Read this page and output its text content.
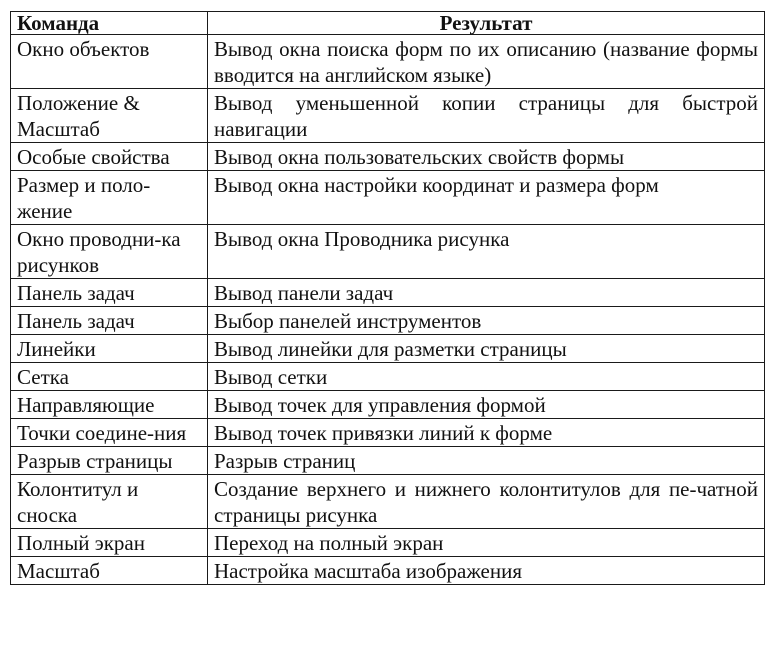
Команда	Результат
Окно объектов	Вывод окна поиска форм по их описанию (название формы вводится на английском языке)
Положение & Масштаб	Вывод уменьшенной копии страницы для быстрой навигации
Особые свойства	Вывод окна пользовательских свойств формы
Размер и поло-жение	Вывод окна настройки координат и размера форм
Окно проводни-ка рисунков	Вывод окна Проводника рисунка
Панель задач	Вывод панели задач
Панель задач	Выбор панелей инструментов
Линейки	Вывод линейки для разметки страницы
Сетка	Вывод сетки
Направляющие	Вывод точек для управления формой
Точки соедине-ния	Вывод точек привязки линий к форме
Разрыв страницы	Разрыв страниц
Колонтитул и сноска	Создание верхнего и нижнего колонтитулов для пе-чатной страницы рисунка
Полный экран	Переход на полный экран
Масштаб	Настройка масштаба изображения
